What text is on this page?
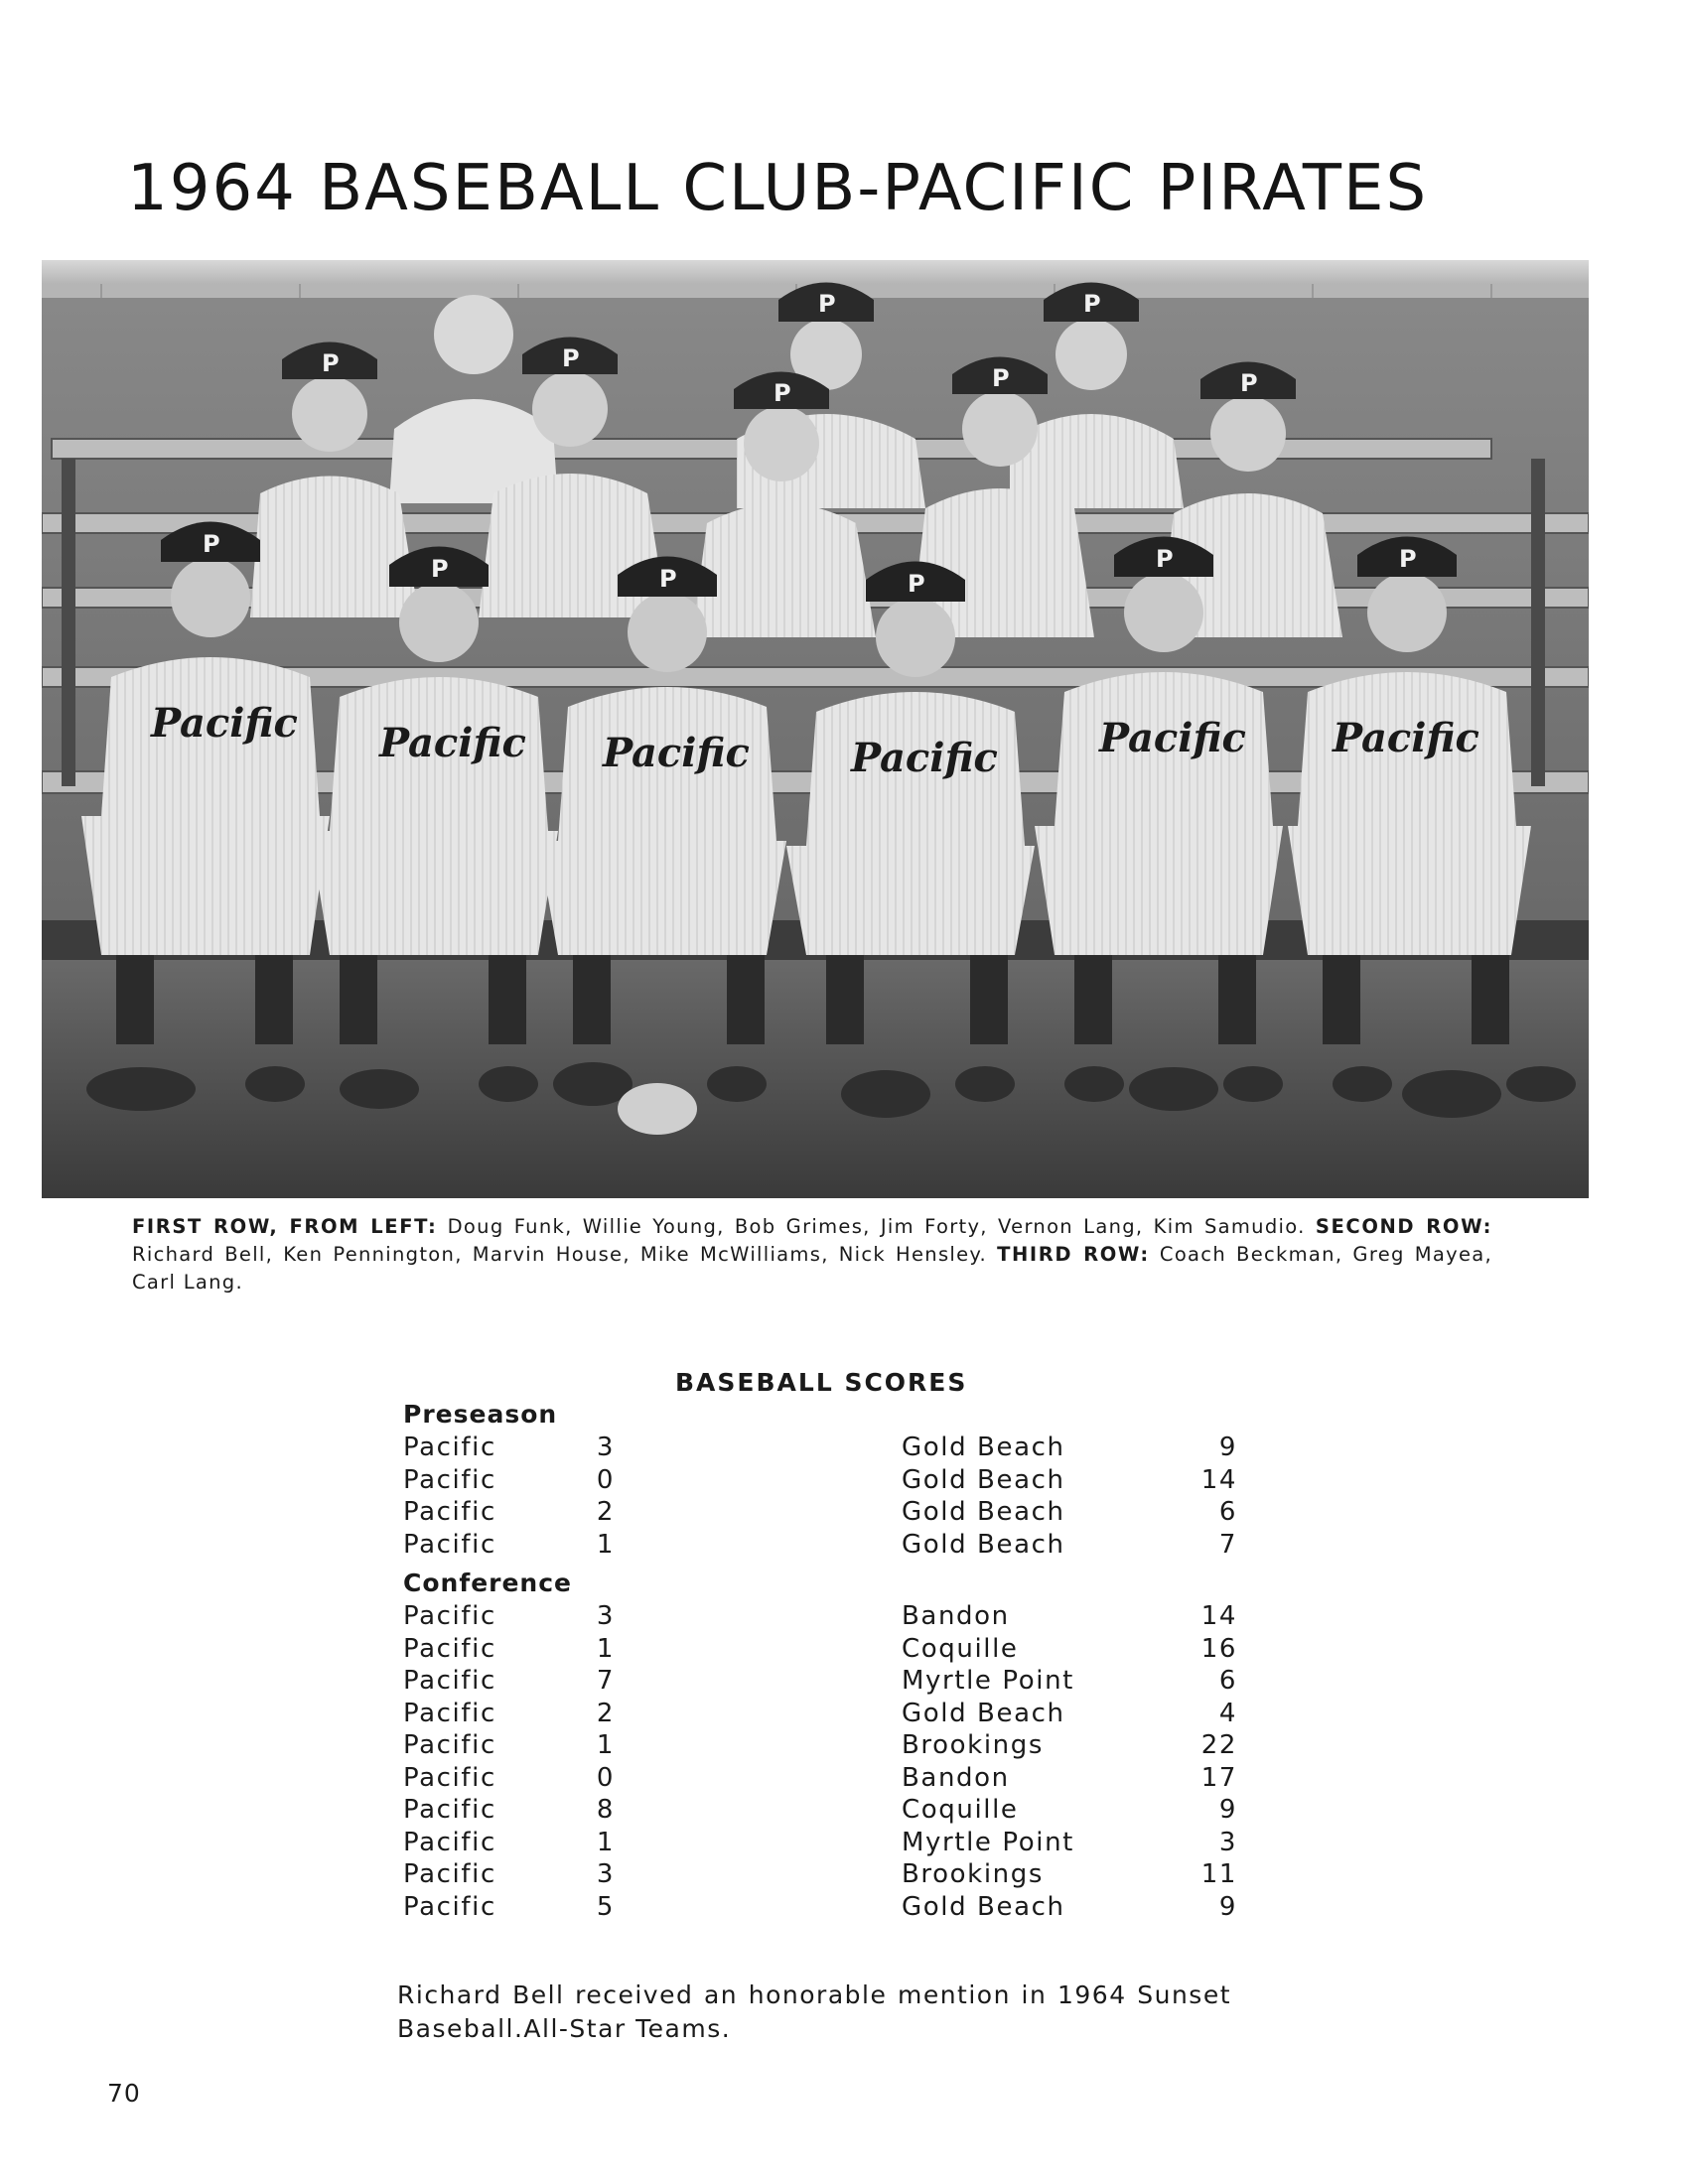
1964 BASEBALL CLUB-PACIFIC PIRATES
P	P
P	P
P
P	P
P
Pacific
P
Pacific
P
Pacific
P
Pacific
P
Pacific
P
Pacific

FIRST ROW, FROM LEFT: Doug Funk, Willie Young, Bob Grimes, Jim Forty, Vernon Lang, Kim Samudio. SECOND ROW: Richard Bell, Ken Pennington, Marvin House, Mike McWilliams, Nick Hensley. THIRD ROW: Coach Beckman, Greg Mayea, Carl Lang.

BASEBALL SCORES
Preseason
Pacific	3	Gold Beach	9
Pacific	0	Gold Beach	14
Pacific	2	Gold Beach	6
Pacific	1	Gold Beach	7
Conference
Pacific	3	Bandon	14
Pacific	1	Coquille	16
Pacific	7	Myrtle Point	6
Pacific	2	Gold Beach	4
Pacific	1	Brookings	22
Pacific	0	Bandon	17
Pacific	8	Coquille	9
Pacific	1	Myrtle Point	3
Pacific	3	Brookings	11
Pacific	5	Gold Beach	9

Richard Bell received an honorable mention in 1964 Sunset Baseball.All-Star Teams.

70
